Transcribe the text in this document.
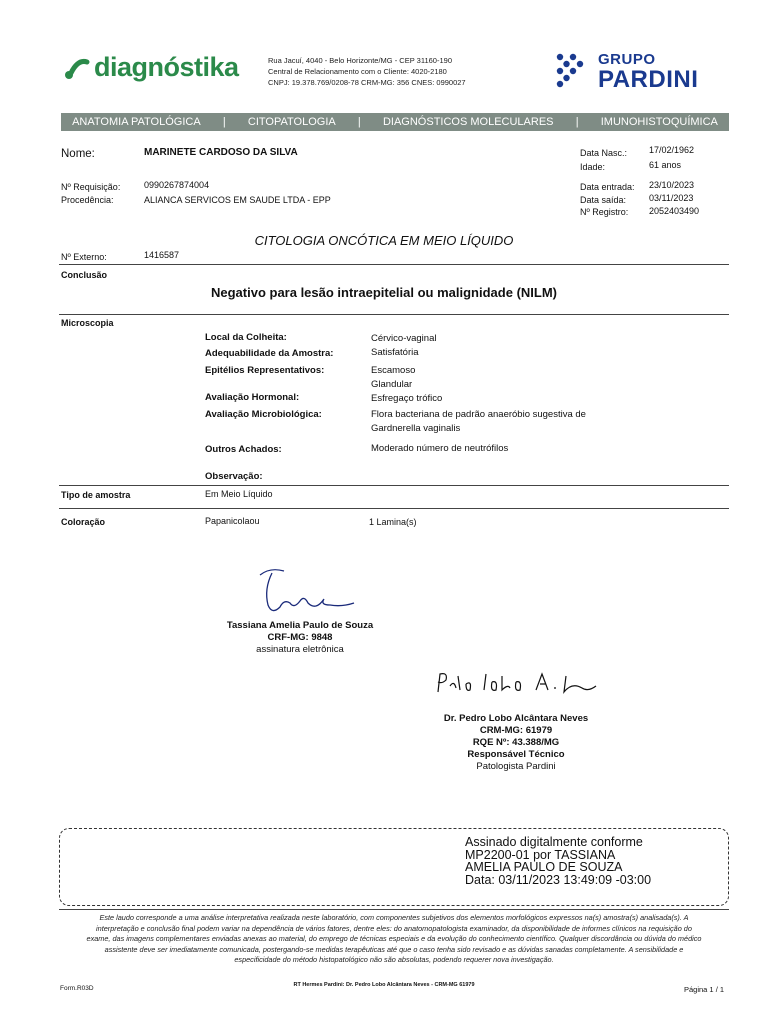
diagnóstika	Rua Jacuí, 4040 - Belo Horizonte/MG - CEP 31160-190
Central de Relacionamento com o Cliente: 4020-2180
CNPJ: 19.378.769/0208-78 CRM-MG: 356 CNES: 0990027
GRUPO
PARDINI
ANATOMIA PATOLÓGICA | CITOPATOLOGIA | DIAGNÓSTICOS MOLECULARES | IMUNOHISTOQUÍMICA
Nome:	MARINETE CARDOSO DA SILVA
Nº Requisição:	0990267874004
Procedência:	ALIANCA SERVICOS EM SAUDE LTDA - EPP
Data Nasc.: 17/02/1962
Idade:	61 anos
Data entrada: 23/10/2023
Data saída:	03/11/2023
Nº Registro: 2052403490
CITOLOGIA ONCÓTICA EM MEIO LÍQUIDO
Nº Externo:	1416587
Conclusão
Negativo para lesão intraepitelial ou malignidade (NILM)
Microscopia
Local da Colheita:	Cérvico-vaginal
Adequabilidade da Amostra:	Satisfatória
Epitélios Representativos:	Escamoso
Glandular
Avaliação Hormonal:	Esfregaço trófico
Avaliação Microbiológica:	Flora bacteriana de padrão anaeróbio sugestiva de
Gardnerella vaginalis
Outros Achados:	Moderado número de neutrófilos
Observação:
Tipo de amostra	Em Meio Líquido
Coloração	Papanicolaou	1 Lamina(s)
Tassiana Amelia Paulo de Souza
CRF-MG: 9848
assinatura eletrônica
Dr. Pedro Lobo Alcântara Neves
CRM-MG: 61979
RQE Nº: 43.388/MG
Responsável Técnico
Patologista Pardini
Assinado digitalmente conforme
MP2200-01 por TASSIANA
AMELIA PAULO DE SOUZA
Data: 03/11/2023 13:49:09 -03:00
Este laudo corresponde a uma análise interpretativa realizada neste laboratório, com componentes subjetivos dos elementos morfológicos expressos na(s) amostra(s) analisada(s). A interpretação e conclusão final podem variar na dependência de vários fatores, dentre eles: do anatomopatologista examinador, da disponibilidade de informes clínicos na requisição do exame, das imagens complementares enviadas anexas ao material, do emprego de técnicas especiais e da evolução do conhecimento científico. Qualquer discordância ou dúvida do médico assistente deve ser imediatamente comunicada, postergando-se medidas terapêuticas até que o caso tenha sido revisado e as dúvidas sanadas completamente. A sensibilidade e especificidade do método histopatológico não são absolutas, podendo requerer nova investigação.
Form.R03D	RT Hermes Pardini: Dr. Pedro Lobo Alcântara Neves - CRM-MG 61979	Página 1 / 1
